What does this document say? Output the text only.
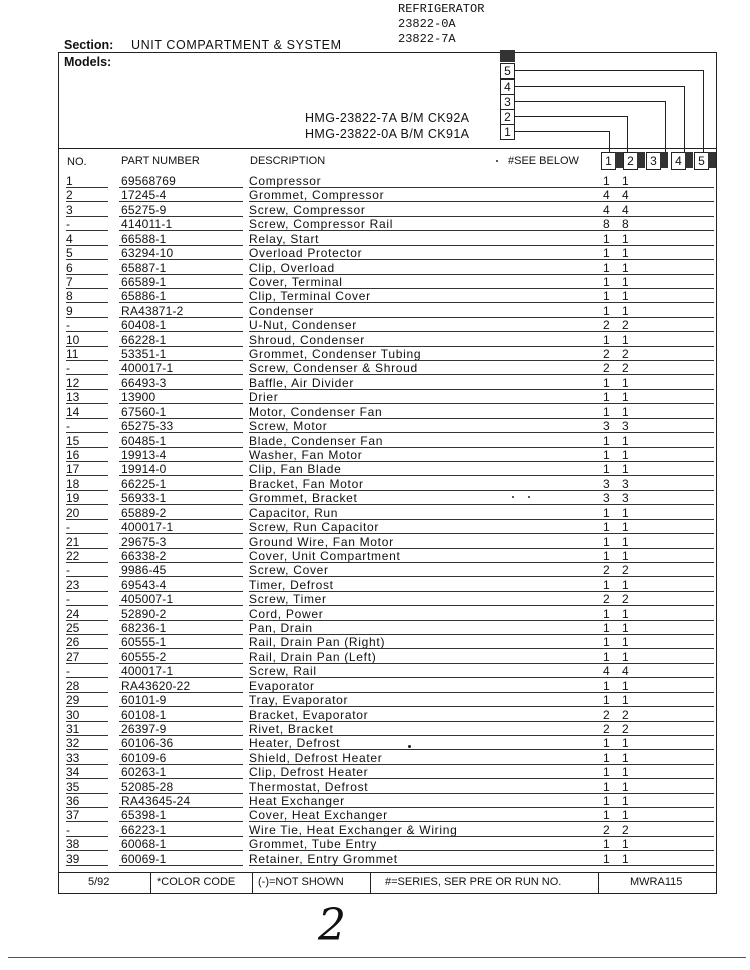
REFRIGERATOR
23822-0A
23822-7A
Section: UNIT COMPARTMENT & SYSTEM
Models:
HMG-23822-7A B/M CK92A
HMG-23822-0A B/M CK91A
5
4
3
2
1
NO.	PART NUMBER	DESCRIPTION	#SEE BELOW	1	2	3	4	5
1	69568769	Compressor	1 1
2	17245-4	Grommet, Compressor	4 4
3	65275-9	Screw, Compressor	4 4
-	414011-1	Screw, Compressor Rail	8 8
4	66588-1	Relay, Start	1 1
5	63294-10	Overload Protector	1 1
6	65887-1	Clip, Overload	1 1
7	66589-1	Cover, Terminal	1 1
8	65886-1	Clip, Terminal Cover	1 1
9	RA43871-2	Condenser	1 1
-	60408-1	U-Nut, Condenser	2 2
10	66228-1	Shroud, Condenser	1 1
11	53351-1	Grommet, Condenser Tubing	2 2
-	400017-1	Screw, Condenser & Shroud	2 2
12	66493-3	Baffle, Air Divider	1 1
13	13900	Drier	1 1
14	67560-1	Motor, Condenser Fan	1 1
-	65275-33	Screw, Motor	3 3
15	60485-1	Blade, Condenser Fan	1 1
16	19913-4	Washer, Fan Motor	1 1
17	19914-0	Clip, Fan Blade	1 1
18	66225-1	Bracket, Fan Motor	3 3
19	56933-1	Grommet, Bracket	3 3
20	65889-2	Capacitor, Run	1 1
-	400017-1	Screw, Run Capacitor	1 1
21	29675-3	Ground Wire, Fan Motor	1 1
22	66338-2	Cover, Unit Compartment	1 1
-	9986-45	Screw, Cover	2 2
23	69543-4	Timer, Defrost	1 1
-	405007-1	Screw, Timer	2 2
24	52890-2	Cord, Power	1 1
25	68236-1	Pan, Drain	1 1
26	60555-1	Rail, Drain Pan (Right)	1 1
27	60555-2	Rail, Drain Pan (Left)	1 1
-	400017-1	Screw, Rail	4 4
28	RA43620-22	Evaporator	1 1
29	60101-9	Tray, Evaporator	1 1
30	60108-1	Bracket, Evaporator	2 2
31	26397-9	Rivet, Bracket	2 2
32	60106-36	Heater, Defrost	1 1
33	60109-6	Shield, Defrost Heater	1 1
34	60263-1	Clip, Defrost Heater	1 1
35	52085-28	Thermostat, Defrost	1 1
36	RA43645-24	Heat Exchanger	1 1
37	65398-1	Cover, Heat Exchanger	1 1
-	66223-1	Wire Tie, Heat Exchanger & Wiring	2 2
38	60068-1	Grommet, Tube Entry	1 1
39	60069-1	Retainer, Entry Grommet	1 1
5/92	*COLOR CODE (-)=NOT SHOWN	#=SERIES, SER PRE OR RUN NO.	MWRA115
2
